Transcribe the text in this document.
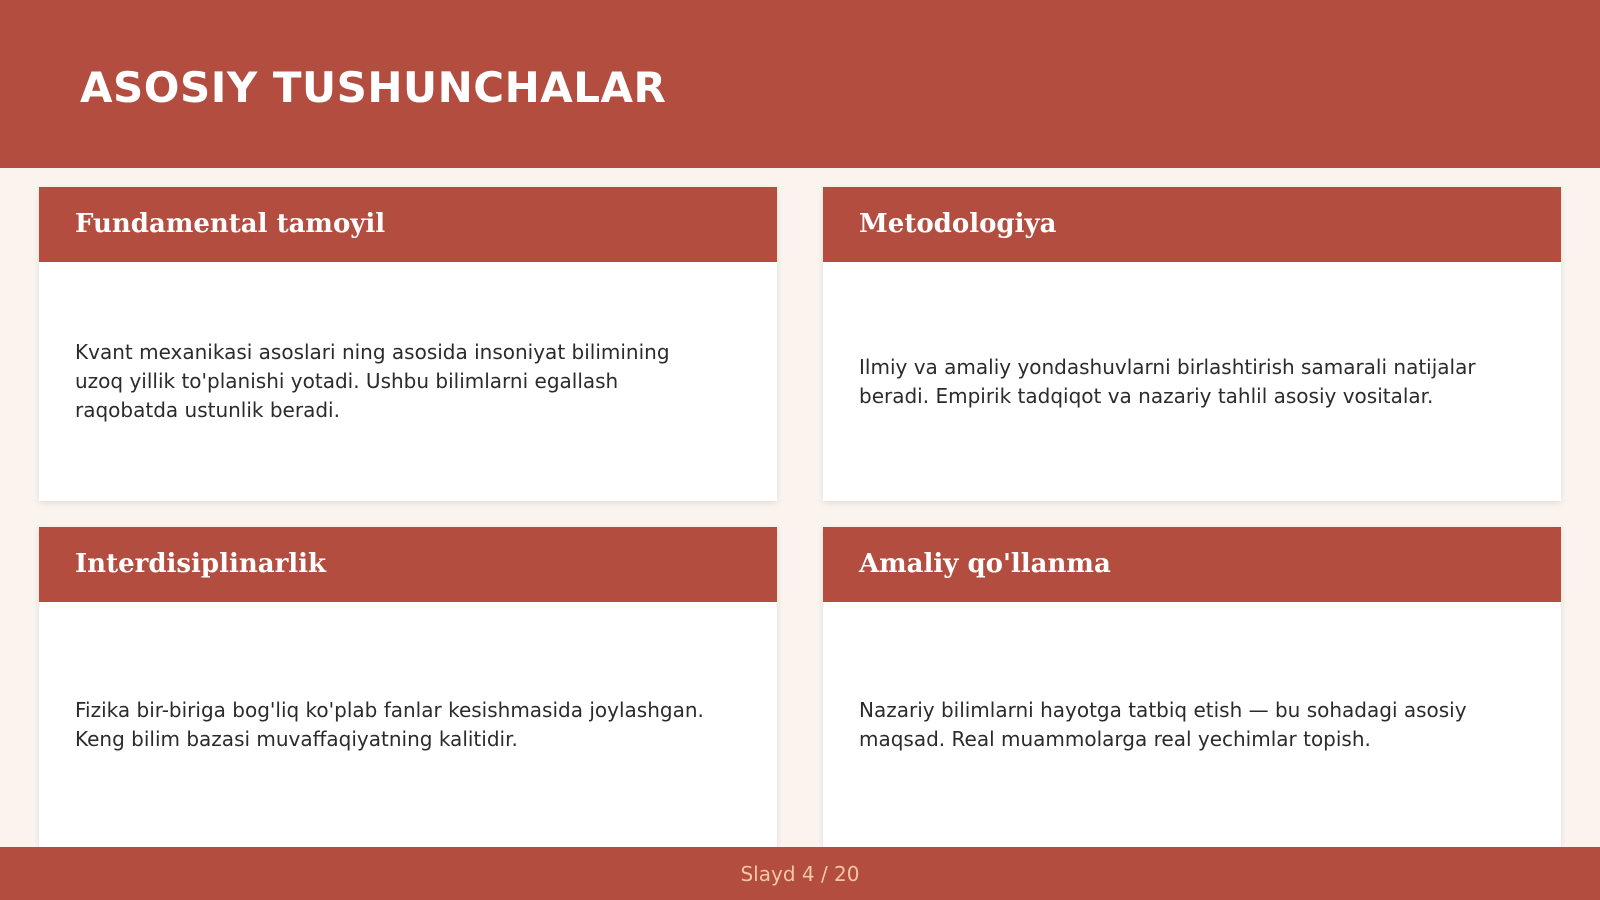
ASOSIY TUSHUNCHALAR
Fundamental tamoyil
Kvant mexanikasi asoslari ning asosida insoniyat bilimining uzoq yillik to'planishi yotadi. Ushbu bilimlarni egallash raqobatda ustunlik beradi.
Metodologiya
Ilmiy va amaliy yondashuvlarni birlashtirish samarali natijalar beradi. Empirik tadqiqot va nazariy tahlil asosiy vositalar.
Interdisiplinarlik
Fizika bir-biriga bog'liq ko'plab fanlar kesishmasida joylashgan. Keng bilim bazasi muvaffaqiyatning kalitidir.
Amaliy qo'llanma
Nazariy bilimlarni hayotga tatbiq etish — bu sohadagi asosiy maqsad. Real muammolarga real yechimlar topish.
Slayd 4 / 20
